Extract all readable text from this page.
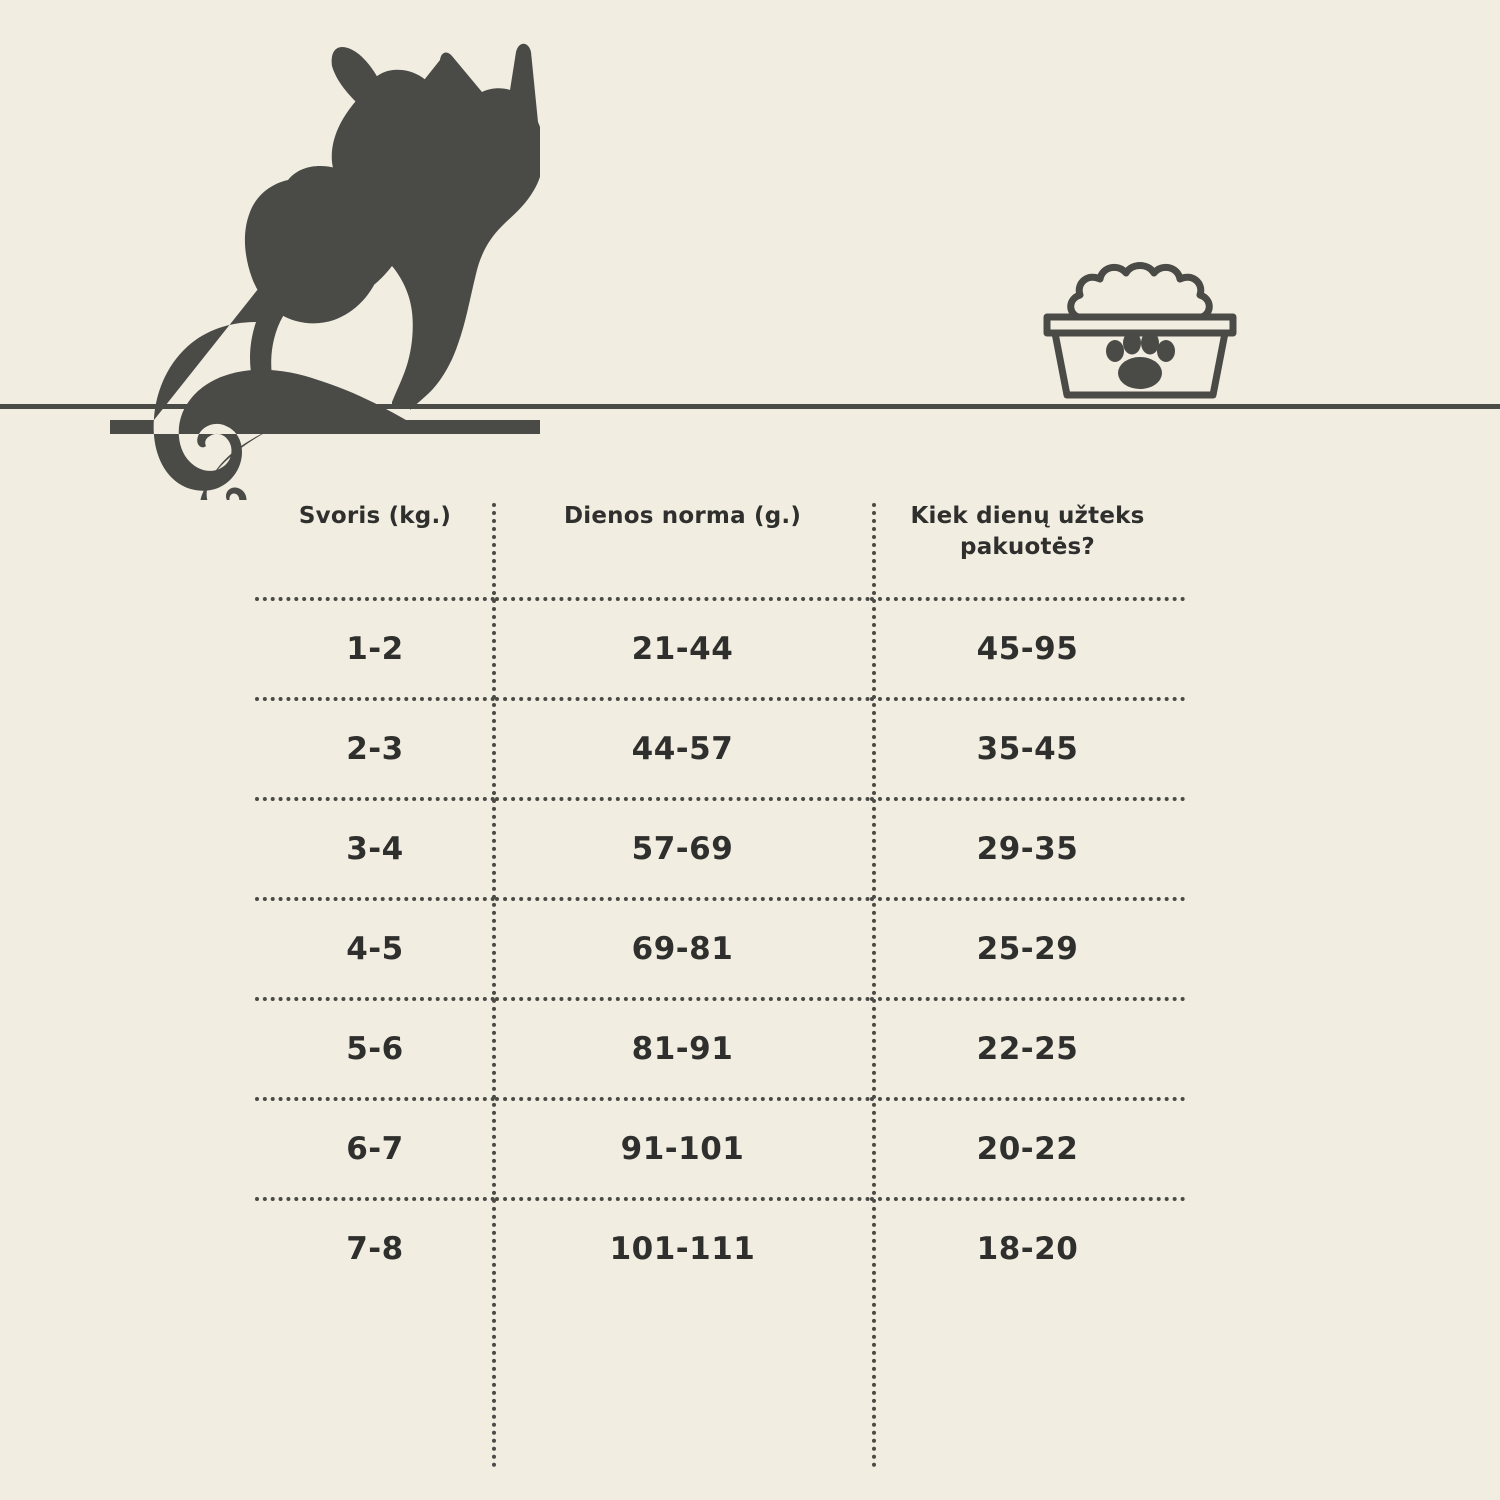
Svoris (kg.)	Dienos norma (g.)	Kiek dienų užteks pakuotės?
1-2	21-44	45-95
2-3	44-57	35-45
3-4	57-69	29-35
4-5	69-81	25-29
5-6	81-91	22-25
6-7	91-101	20-22
7-8	101-111	18-20
